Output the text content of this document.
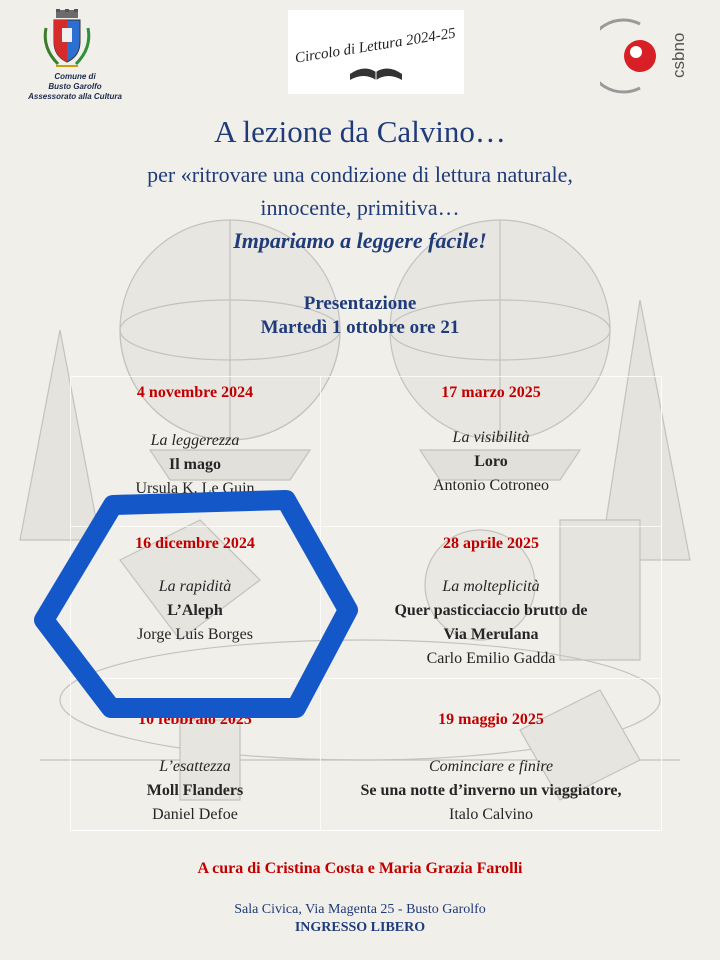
Comune di
Busto Garolfo
Assessorato alla Cultura
Circolo di Lettura 2024-25	csbno
A lezione da Calvino…
per «ritrovare una condizione di lettura naturale,
innocente, primitiva…
Impariamo a leggere facile!
Presentazione
Martedì 1 ottobre ore 21
4 novembre 2024
La leggerezza
Il mago
Ursula K. Le Guin
17 marzo 2025
La visibilità
Loro
Antonio Cotroneo
16 dicembre 2024
La rapidità
L’Aleph
Jorge Luis Borges
28 aprile 2025
La molteplicità
Quer pasticciaccio brutto de
Via Merulana
Carlo Emilio Gadda
10 febbraio 2025
L’esattezza
Moll Flanders
Daniel Defoe
19 maggio 2025
Cominciare e finire
Se una notte d’inverno un viaggiatore,
Italo Calvino
A cura di Cristina Costa e Maria Grazia Farolli
Sala Civica, Via Magenta 25 - Busto Garolfo
INGRESSO LIBERO
